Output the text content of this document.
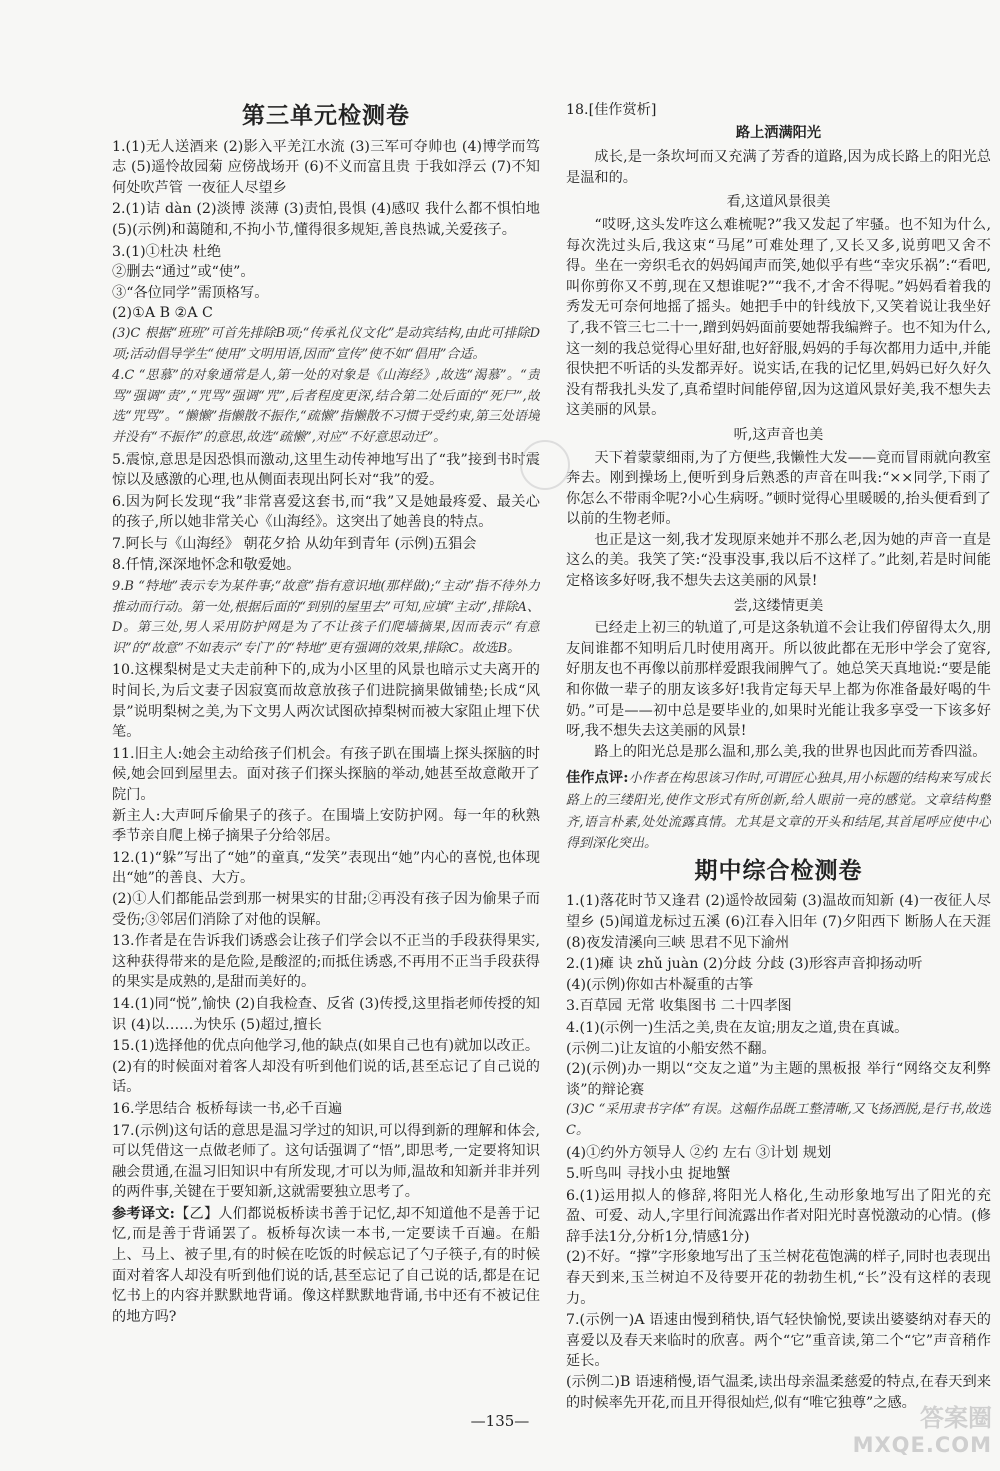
第三单元检测卷
1.(1)无人送酒来 (2)影入平羌江水流 (3)三军可夺帅也 (4)博学而笃志 (5)遥怜故园菊 应傍战场开 (6)不义而富且贵 于我如浮云 (7)不知何处吹芦管 一夜征人尽望乡
2.(1)诘 dàn (2)淡博 淡薄 (3)责怕,畏惧 (4)感叹 我什么都不惧怕地 (5)(示例)和蔼随和,不拘小节,懂得很多规矩,善良热诚,关爱孩子。
3.(1)①杜决 杜绝
②删去“通过”或“使”。
③“各位同学”需顶格写。
(2)①A B ②A C
(3)C 根据“班班”可首先排除B项;“传承礼仪文化”是动宾结构,由此可排除D项;活动倡导学生“使用”文明用语,因而“宣传”使不如“倡用”合适。
4.C “思慕”的对象通常是人,第一处的对象是《山海经》,故选“渴慕”。“责骂”强调“责”,“咒骂”强调“咒”,后者程度更深,结合第二处后面的“死尸”,故选“咒骂”。“懒懒”指懒散不振作,“疏懒”指懒散不习惯于受约束,第三处语境并没有“不振作”的意思,故选“疏懒”,对应“不好意思动迁”。
5.震惊,意思是因恐惧而激动,这里生动传神地写出了“我”接到书时震惊以及感激的心理,也从侧面表现出阿长对“我”的爱。
6.因为阿长发现“我”非常喜爱这套书,而“我”又是她最疼爱、最关心的孩子,所以她非常关心《山海经》。这突出了她善良的特点。
7.阿长与《山海经》 朝花夕拾 从幼年到青年 (示例)五猖会
8.仟情,深深地怀念和敬爱她。
9.B “特地”表示专为某件事;“故意”指有意识地(那样做);“主动”指不待外力推动而行动。第一处,根据后面的“到别的屋里去”可知,应填“主动”,排除A、D。第三处,男人采用防护网是为了不让孩子们爬墙摘果,因而表示“有意识”的“故意”不如表示“专门”的“特地”更有强调的效果,排除C。故选B。
10.这棵梨树是丈夫走前种下的,成为小区里的风景也暗示丈夫离开的时间长,为后文妻子因寂寞而故意放孩子们进院摘果做铺垫;长成“风景”说明梨树之美,为下文男人两次试图砍掉梨树而被大家阻止埋下伏笔。
11.旧主人:她会主动给孩子们机会。有孩子趴在围墙上探头探脑的时候,她会回到屋里去。面对孩子们探头探脑的举动,她甚至故意敞开了院门。
新主人:大声呵斥偷果子的孩子。在围墙上安防护网。每一年的秋熟季节亲自爬上梯子摘果子分给邻居。
12.(1)“躲”写出了“她”的童真,“发笑”表现出“她”内心的喜悦,也体现出“她”的善良、大方。
(2)①人们都能品尝到那一树果实的甘甜;②再没有孩子因为偷果子而受伤;③邻居们消除了对他的误解。
13.作者是在告诉我们诱惑会让孩子们学会以不正当的手段获得果实,这种获得带来的是危险,是酸涩的;而抵住诱惑,不再用不正当手段获得的果实是成熟的,是甜而美好的。
14.(1)同“悦”,愉快 (2)自我检查、反省 (3)传授,这里指老师传授的知识 (4)以……为快乐 (5)超过,擅长
15.(1)选择他的优点向他学习,他的缺点(如果自己也有)就加以改正。
(2)有的时候面对着客人却没有听到他们说的话,甚至忘记了自己说的话。
16.学思结合 板桥每读一书,必千百遍
17.(示例)这句话的意思是温习学过的知识,可以得到新的理解和体会,可以凭借这一点做老师了。这句话强调了“悟”,即思考,一定要将知识融会贯通,在温习旧知识中有所发现,才可以为师,温故和知新并非并列的两件事,关键在于要知新,这就需要独立思考了。
参考译文:【乙】人们都说板桥读书善于记忆,却不知道他不是善于记忆,而是善于背诵罢了。板桥每次读一本书,一定要读千百遍。在船上、马上、被子里,有的时候在吃饭的时候忘记了勺子筷子,有的时候面对着客人却没有听到他们说的话,甚至忘记了自己说的话,都是在记忆书上的内容并默默地背诵。像这样默默地背诵,书中还有不被记住的地方吗?
18.[佳作赏析]
路上洒满阳光

成长,是一条坎坷而又充满了芳香的道路,因为成长路上的阳光总是温和的。

看,这道风景很美

“哎呀,这头发咋这么难梳呢?”我又发起了牢骚。也不知为什么,每次洗过头后,我这束“马尾”可难处理了,又长又多,说剪吧又舍不得。坐在一旁织毛衣的妈妈闻声而笑,她似乎有些“幸灾乐祸”:“看吧,叫你剪你又不剪,现在又想谁呢?”“我不,才舍不得呢。”妈妈看着我的秀发无可奈何地摇了摇头。她把手中的针线放下,又笑着说让我坐好了,我不管三七二十一,蹭到妈妈面前要她帮我编辫子。也不知为什么,这一刻的我总觉得心里好甜,也好舒服,妈妈的手每次都用力适中,并能很快把不听话的头发都弄好。说实话,在我的记忆里,妈妈已好久好久没有帮我扎头发了,真希望时间能停留,因为这道风景好美,我不想失去这美丽的风景。

听,这声音也美

天下着蒙蒙细雨,为了方便些,我懒性大发——竟而冒雨就向教室奔去。刚到操场上,便听到身后熟悉的声音在叫我:“××同学,下雨了你怎么不带雨伞呢?小心生病呀。”顿时觉得心里暖暖的,抬头便看到了以前的生物老师。

也正是这一刻,我才发现原来她并不那么老,因为她的声音一直是这么的美。我笑了笑:“没事没事,我以后不这样了。”此刻,若是时间能定格该多好呀,我不想失去这美丽的风景!

尝,这缕情更美

已经走上初三的轨道了,可是这条轨道不会让我们停留得太久,朋友间谁都不知明后几时使用离开。所以彼此都在无形中学会了宽容,好朋友也不再像以前那样爱跟我闹脾气了。她总笑天真地说:“要是能和你做一辈子的朋友该多好!我肯定每天早上都为你准备最好喝的牛奶。”可是——初中总是要毕业的,如果时光能让我多享受一下该多好呀,我不想失去这美丽的风景!

路上的阳光总是那么温和,那么美,我的世界也因此而芳香四溢。

佳作点评:小作者在构思该习作时,可谓匠心独具,用小标题的结构来写成长路上的三缕阳光,使作文形式有所创新,给人眼前一亮的感觉。文章结构整齐,语言朴素,处处流露真情。尤其是文章的开头和结尾,其首尾呼应使中心得到深化突出。
期中综合检测卷
1.(1)落花时节又逢君 (2)遥怜故园菊 (3)温故而知新 (4)一夜征人尽望乡 (5)闻道龙标过五溪 (6)江春入旧年 (7)夕阳西下 断肠人在天涯 (8)夜发清溪向三峡 思君不见下渝州
2.(1)瘫 诀 zhǔ juàn (2)分歧 分歧 (3)形容声音抑扬动听
(4)(示例)你如古朴凝重的古筝
3.百草园 无常 收集图书 二十四孝图
4.(1)(示例一)生活之美,贵在友谊;朋友之道,贵在真诚。
(示例二)让友谊的小船安然不翻。
(2)(示例)办一期以“交友之道”为主题的黑板报 举行“网络交友利弊谈”的辩论赛
(3)C “采用隶书字体”有误。这幅作品既工整清晰,又飞扬洒脱,是行书,故选C。
(4)①约外方领导人 ②约 左右 ③计划 规划
5.听鸟叫 寻找小虫 捉地蟹
6.(1)运用拟人的修辞,将阳光人格化,生动形象地写出了阳光的充盈、可爱、动人,字里行间流露出作者对阳光时喜悦激动的心情。(修辞手法1分,分析1分,情感1分)
(2)不好。“撑”字形象地写出了玉兰树花苞饱满的样子,同时也表现出春天到来,玉兰树迫不及待要开花的勃勃生机,“长”没有这样的表现力。
7.(示例一)A 语速由慢到稍快,语气轻快愉悦,要读出婆婆纳对春天的喜爱以及春天来临时的欣喜。两个“它”重音读,第二个“它”声音稍作延长。
(示例二)B 语速稍慢,语气温柔,读出母亲温柔慈爱的特点,在春天到来的时候率先开花,而且开得很灿烂,似有“唯它独尊”之感。
—135—	答案圈
MXQE.COM
